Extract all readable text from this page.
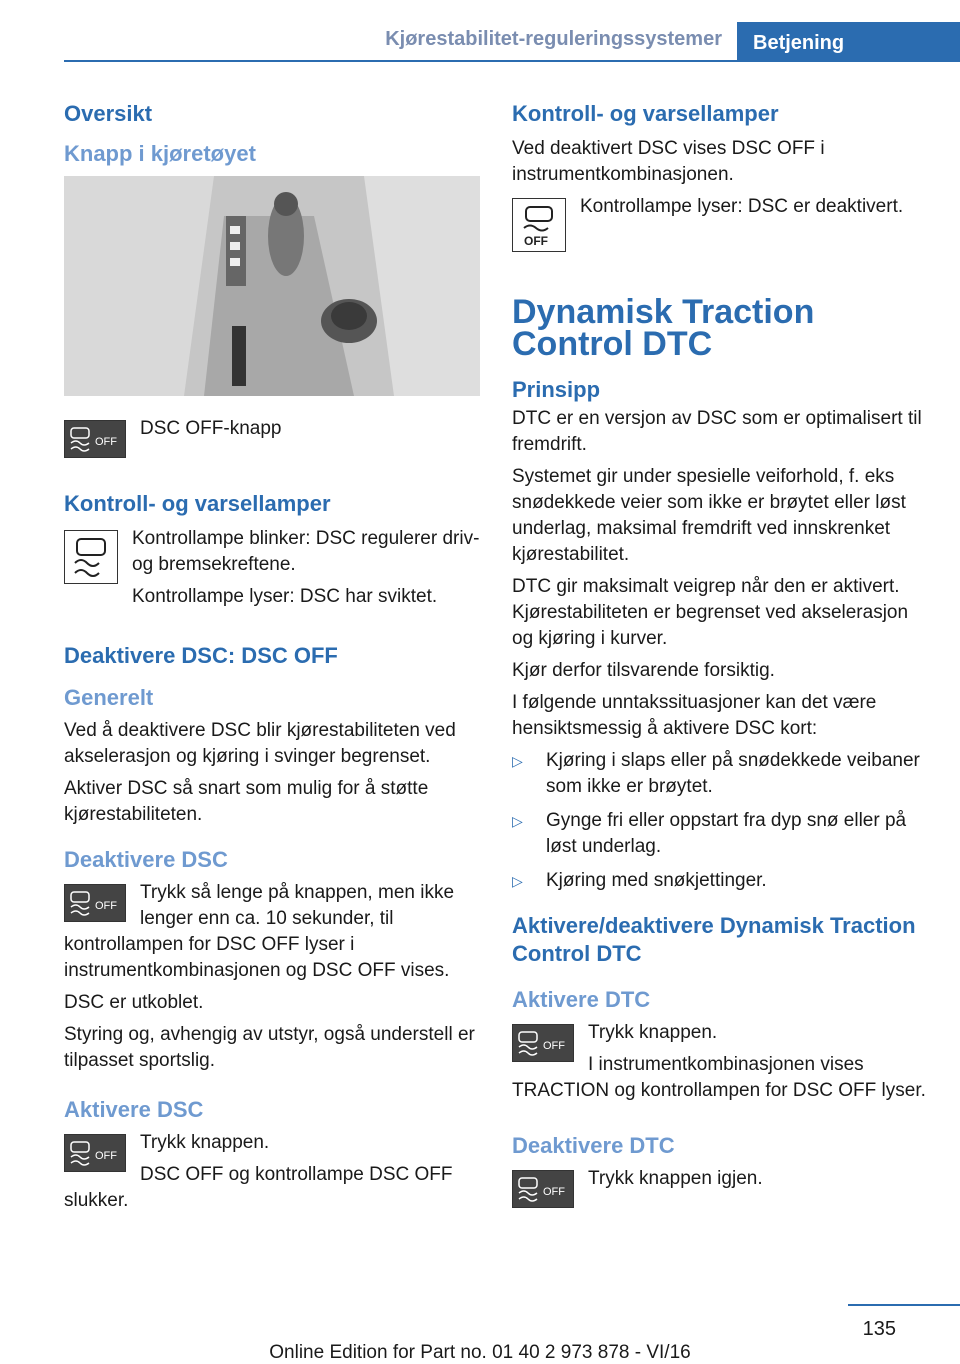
Kjørestabilitet-reguleringssystemer	Betjening
Oversikt
Knapp i kjøretøyet
OFF
DSC OFF-knapp
Kontroll- og varsellamper
Kontrollampe blinker: DSC regulerer driv- og bremsekreftene.
Kontrollampe lyser: DSC har sviktet.
Deaktivere DSC: DSC OFF
Generelt
Ved å deaktivere DSC blir kjørestabiliteten ved akselerasjon og kjøring i svinger begrenset.
Aktiver DSC så snart som mulig for å støtte kjørestabiliteten.
Deaktivere DSC
OFF
Trykk så lenge på knappen, men ikke lenger enn ca. 10 sekunder, til kontrollampen for DSC OFF lyser i instrumentkombinasjonen og DSC OFF vises.
DSC er utkoblet.
Styring og, avhengig av utstyr, også understell er tilpasset sportslig.
Aktivere DSC
OFF
Trykk knappen.
DSC OFF og kontrollampe DSC OFF slukker.
Kontroll- og varsellamper
Ved deaktivert DSC vises DSC OFF i instrumentkombinasjonen.
OFF
Kontrollampe lyser: DSC er deaktivert.
Dynamisk Traction Control DTC
Prinsipp
DTC er en versjon av DSC som er optimalisert til fremdrift.
Systemet gir under spesielle veiforhold, f. eks snødekkede veier som ikke er brøytet eller løst underlag, maksimal fremdrift ved innskrenket kjørestabilitet.
DTC gir maksimalt veigrep når den er aktivert. Kjørestabiliteten er begrenset ved akselerasjon og kjøring i kurver.
Kjør derfor tilsvarende forsiktig.
I følgende unntakssituasjoner kan det være hensiktsmessig å aktivere DSC kort:
▷ Kjøring i slaps eller på snødekkede veibaner som ikke er brøytet.
▷ Gynge fri eller oppstart fra dyp snø eller på løst underlag.
▷ Kjøring med snøkjettinger.
Aktivere/deaktivere Dynamisk Traction Control DTC
Aktivere DTC
OFF
Trykk knappen.
I instrumentkombinasjonen vises TRACTION og kontrollampen for DSC OFF lyser.
Deaktivere DTC
OFF
Trykk knappen igjen.
135
Online Edition for Part no. 01 40 2 973 878 - VI/16
